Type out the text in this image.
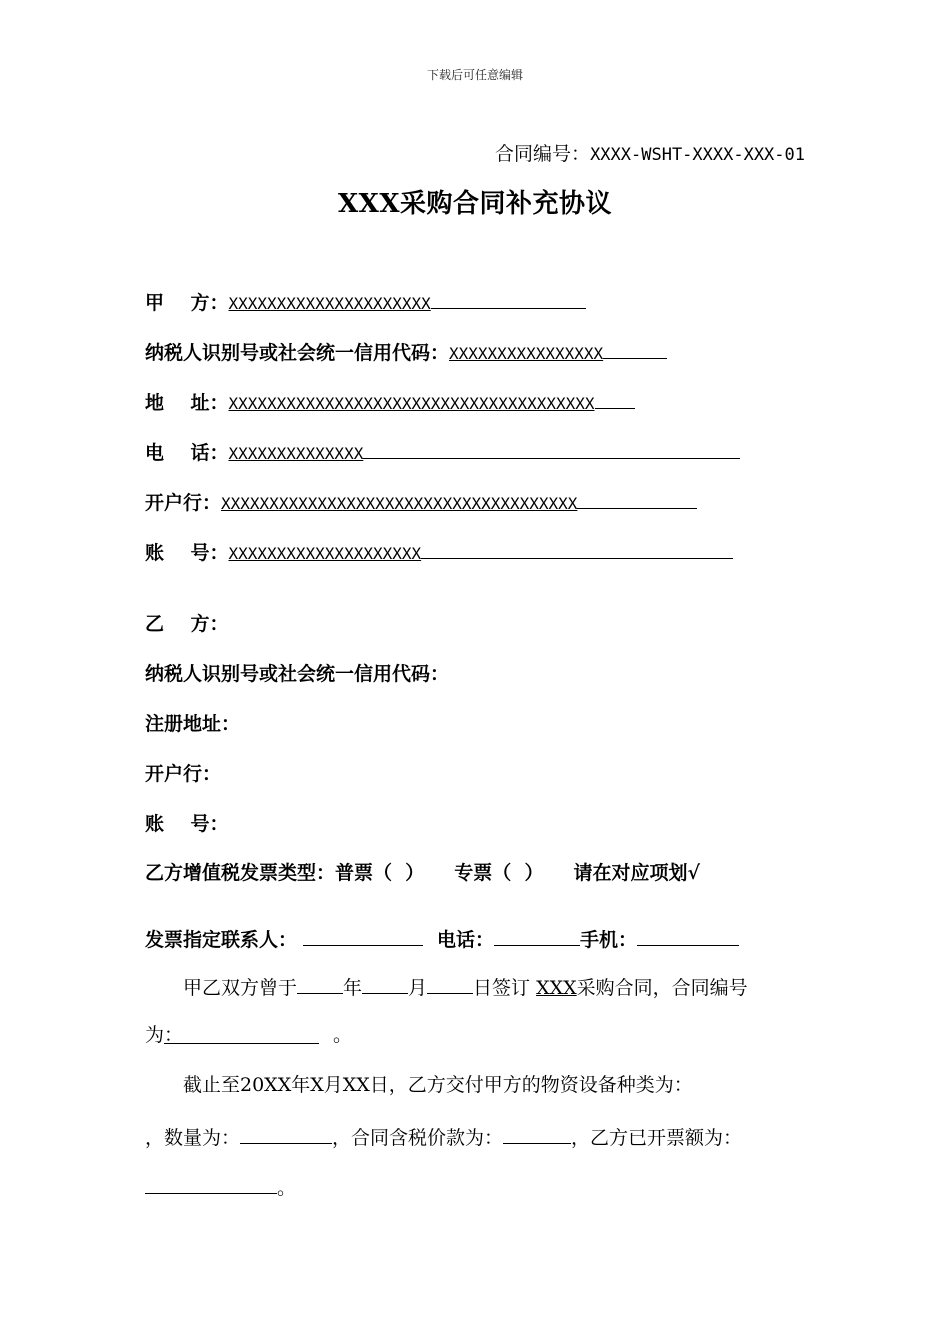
下载后可任意编辑
合同编号：XXXX-WSHT-XXXX-XXX-01
XXX采购合同补充协议
甲    方：XXXXXXXXXXXXXXXXXXXXX
纳税人识别号或社会统一信用代码：XXXXXXXXXXXXXXXX
地    址：XXXXXXXXXXXXXXXXXXXXXXXXXXXXXXXXXXXXXX
电    话：XXXXXXXXXXXXXX
开户行：XXXXXXXXXXXXXXXXXXXXXXXXXXXXXXXXXXXXX
账    号：XXXXXXXXXXXXXXXXXXXX
乙    方：
纳税人识别号或社会统一信用代码：
注册地址：
开户行：
账    号：
乙方增值税发票类型：普票（  ） 专票（  ） 请在对应项划√
发票指定联系人：	电话：	手机：
甲乙双方曾于 年 月 日签订 XXX采购合同，合同编号
为：	。
截止至20XX年X月XX日，乙方交付甲方的物资设备种类为：
，数量为：	，合同含税价款为：	，乙方已开票额为：
。
